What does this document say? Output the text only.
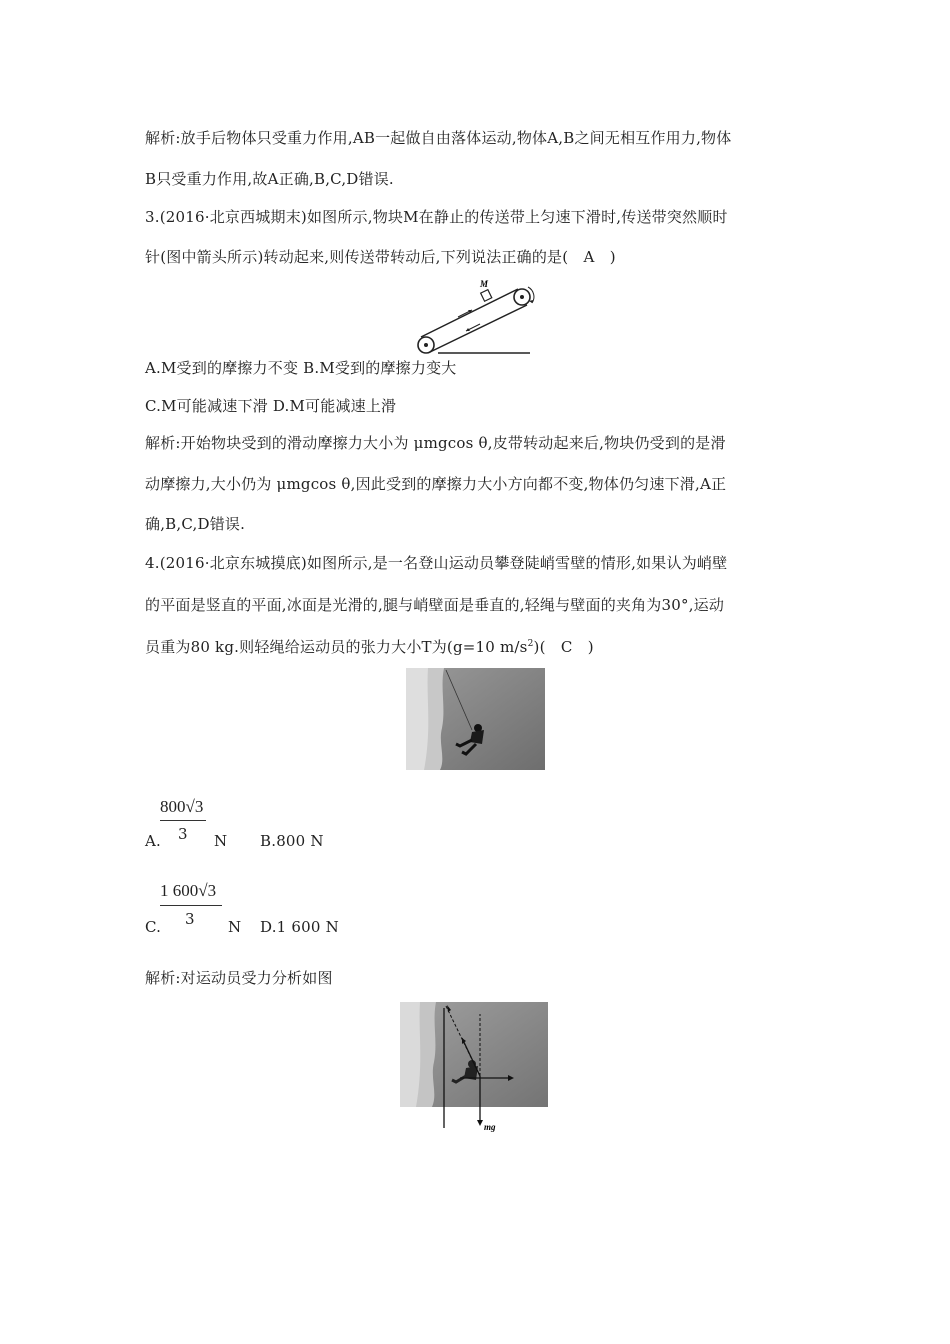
解析:放手后物体只受重力作用,AB一起做自由落体运动,物体A,B之间无相互作用力,物体
B只受重力作用,故A正确,B,C,D错误.
3.(2016·北京西城期末)如图所示,物块M在静止的传送带上匀速下滑时,传送带突然顺时
针(图中箭头所示)转动起来,则传送带转动后,下列说法正确的是(　A　)
M
A.M受到的摩擦力不变 B.M受到的摩擦力变大
C.M可能减速下滑 D.M可能减速上滑
解析:开始物块受到的滑动摩擦力大小为 μmgcos θ,皮带转动起来后,物块仍受到的是滑
动摩擦力,大小仍为 μmgcos θ,因此受到的摩擦力大小方向都不变,物体仍匀速下滑,A正
确,B,C,D错误.
4.(2016·北京东城摸底)如图所示,是一名登山运动员攀登陡峭雪壁的情形,如果认为峭壁
的平面是竖直的平面,冰面是光滑的,腿与峭壁面是垂直的,轻绳与壁面的夹角为30°,运动
员重为80 kg.则轻绳给运动员的张力大小T为(g=10 $m/s^2$)(　C　)
800√3
3
A.	N B.800 N
1 600√3
3
C.	N D.1 600 N
解析:对运动员受力分析如图
mg
